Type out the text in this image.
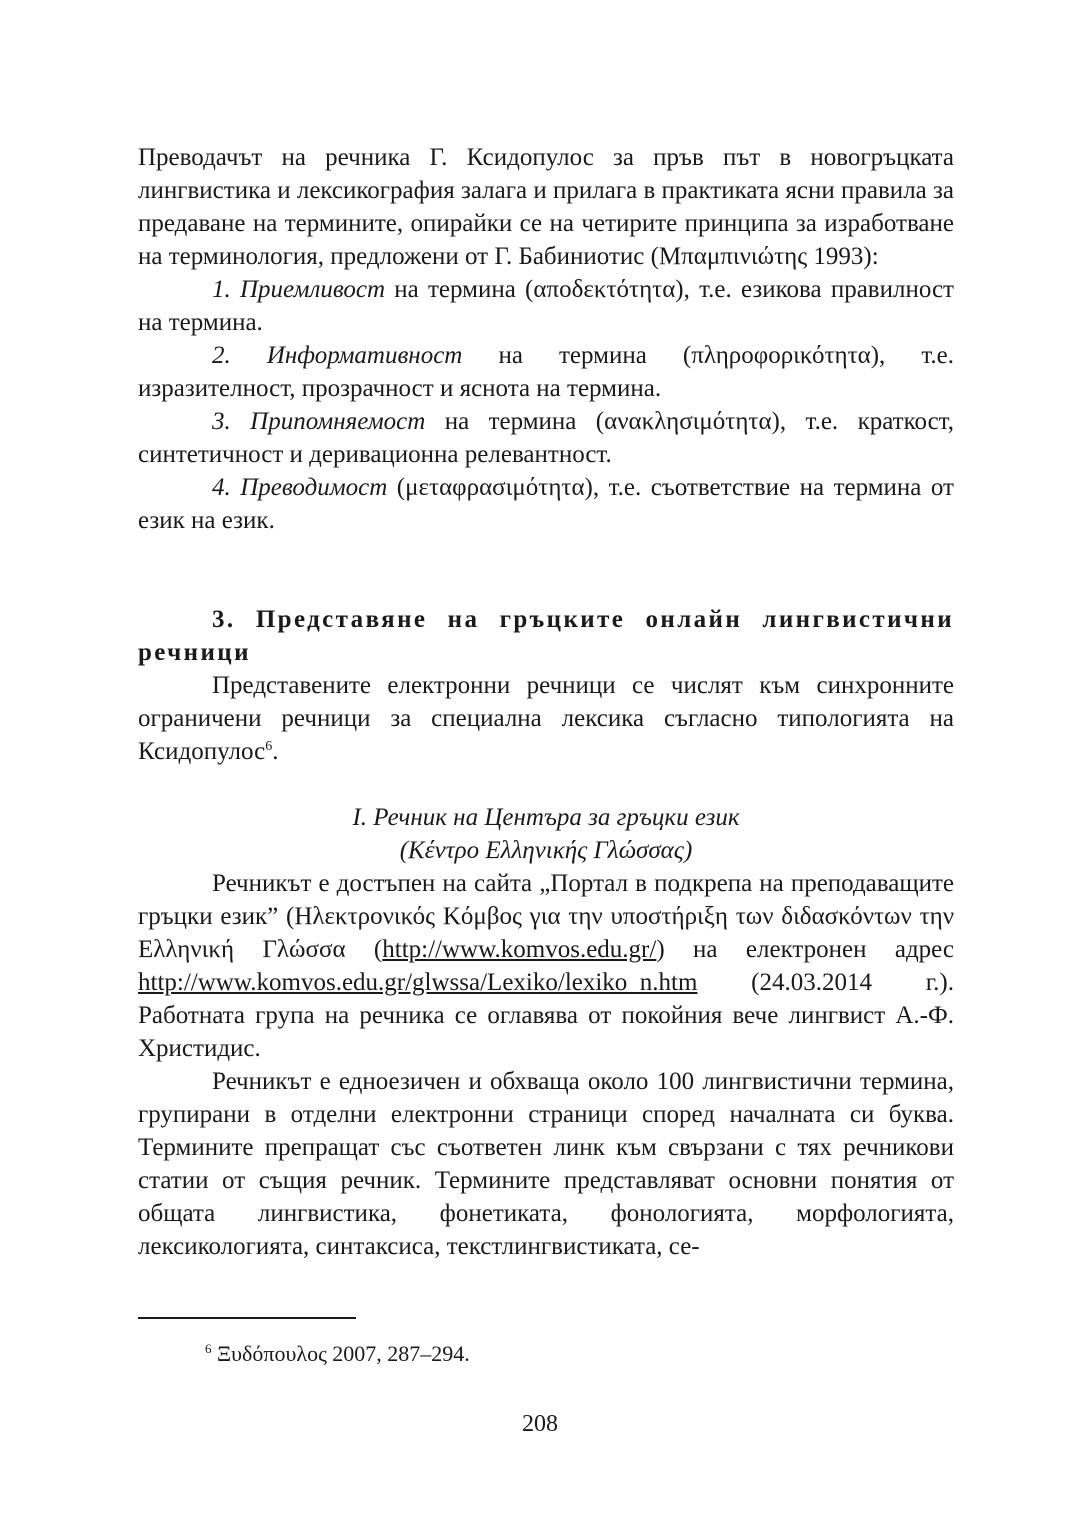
Преводачът на речника Г. Ксидопулос за пръв път в новогръцката лингвистика и лексикография залага и прилага в практиката ясни правила за предаване на термините, опирайки се на четирите принципа за изработване на терминология, предложени от Г. Бабиниотис (Μπαμπινιώτης 1993):

1. Приемливост на термина (αποδεκτότητα), т.е. езикова правилност на термина.

2. Информативност на термина (πληροφορικότητα), т.е. изразителност, прозрачност и яснота на термина.

3. Припомняемост на термина (ανακλησιμότητα), т.е. краткост, синтетичност и деривационна релевантност.

4. Преводимост (μεταφρασιμότητα), т.е. съответствие на термина от език на език.

3. Представяне на гръцките онлайн лингвистични речници

Представените електронни речници се числят към синхронните ограничени речници за специална лексика съгласно типологията на Ксидопулос$^6$.

I. Речник на Центъра за гръцки език

(Κέντρο Ελληνικής Γλώσσας)

Речникът е достъпен на сайта „Портал в подкрепа на преподаващите гръцки език” (Ηλεκτρονικός Κόμβος για την υποστήριξη των διδασκόντων την Ελληνική Γλώσσα (http://www.komvos.edu.gr/) на електронен адрес http://www.komvos.edu.gr/glwssa/Lexiko/lexiko_n.htm (24.03.2014 г.). Работната група на речника се оглавява от покойния вече лингвист А.-Ф. Христидис.

Речникът е едноезичен и обхваща около 100 лингвистични термина, групирани в отделни електронни страници според началната си буква. Термините препращат със съответен линк към свързани с тях речникови статии от същия речник. Термините представляват основни понятия от общата лингвистика, фонетиката, фонологията, морфологията, лексикологията, синтаксиса, текстлингвистиката, се-

$^6$ Ξυδόπουλος 2007, 287–294.
208
